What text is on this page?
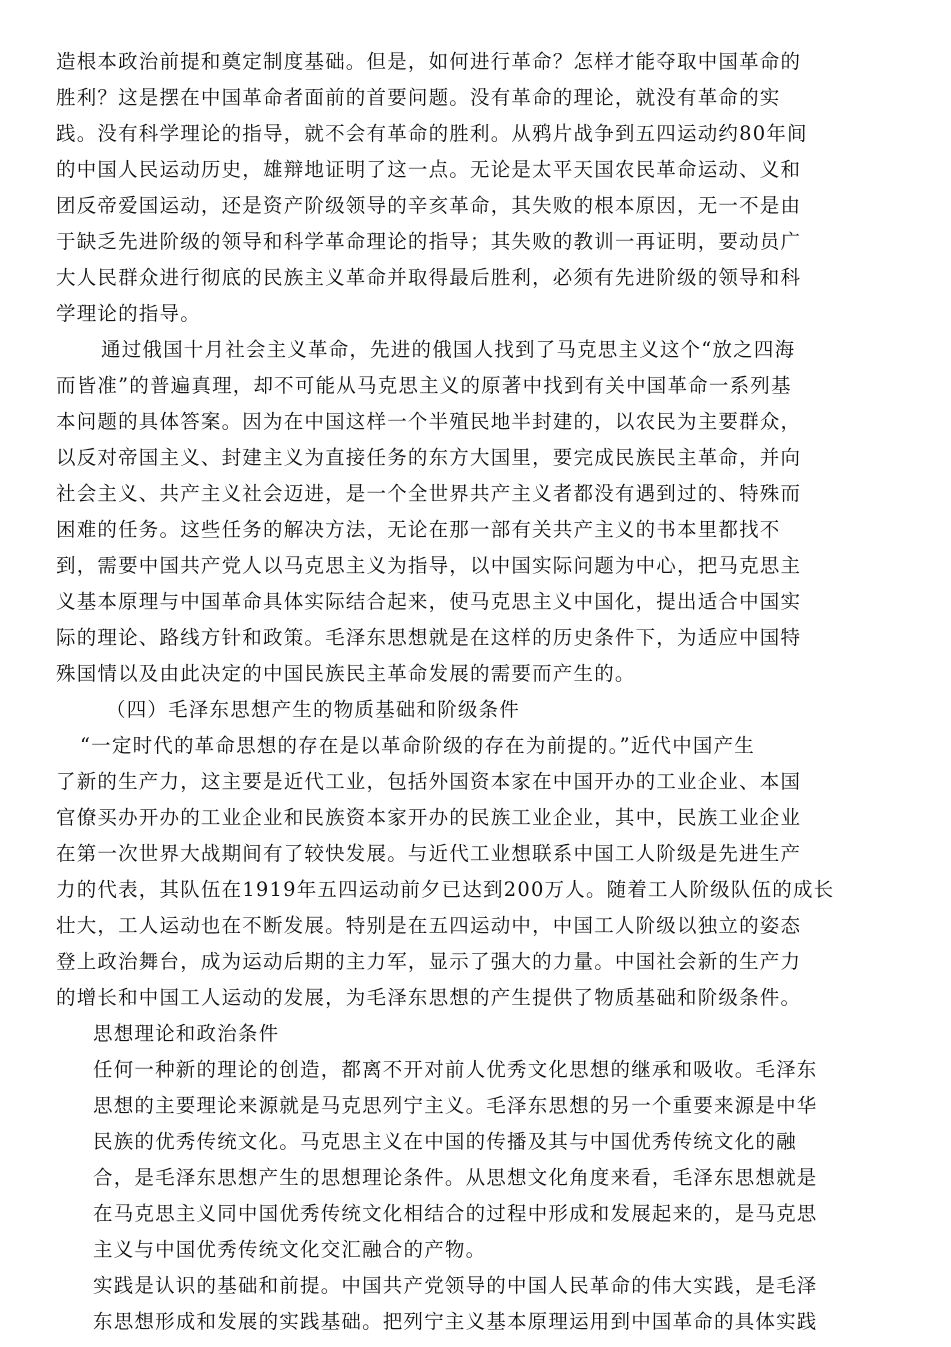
造根本政治前提和奠定制度基础。但是，如何进行革命？怎样才能夺取中国革命的
胜利？这是摆在中国革命者面前的首要问题。没有革命的理论，就没有革命的实
践。没有科学理论的指导，就不会有革命的胜利。从鸦片战争到五四运动约80年间
的中国人民运动历史，雄辩地证明了这一点。无论是太平天国农民革命运动、义和
团反帝爱国运动，还是资产阶级领导的辛亥革命，其失败的根本原因，无一不是由
于缺乏先进阶级的领导和科学革命理论的指导；其失败的教训一再证明，要动员广
大人民群众进行彻底的民族主义革命并取得最后胜利，必须有先进阶级的领导和科
学理论的指导。
通过俄国十月社会主义革命，先进的俄国人找到了马克思主义这个“放之四海
而皆准”的普遍真理，却不可能从马克思主义的原著中找到有关中国革命一系列基
本问题的具体答案。因为在中国这样一个半殖民地半封建的，以农民为主要群众，
以反对帝国主义、封建主义为直接任务的东方大国里，要完成民族民主革命，并向
社会主义、共产主义社会迈进，是一个全世界共产主义者都没有遇到过的、特殊而
困难的任务。这些任务的解决方法，无论在那一部有关共产主义的书本里都找不
到，需要中国共产党人以马克思主义为指导，以中国实际问题为中心，把马克思主
义基本原理与中国革命具体实际结合起来，使马克思主义中国化，提出适合中国实
际的理论、路线方针和政策。毛泽东思想就是在这样的历史条件下，为适应中国特
殊国情以及由此决定的中国民族民主革命发展的需要而产生的。
（四）毛泽东思想产生的物质基础和阶级条件
“一定时代的革命思想的存在是以革命阶级的存在为前提的。”近代中国产生
了新的生产力，这主要是近代工业，包括外国资本家在中国开办的工业企业、本国
官僚买办开办的工业企业和民族资本家开办的民族工业企业，其中，民族工业企业
在第一次世界大战期间有了较快发展。与近代工业想联系中国工人阶级是先进生产
力的代表，其队伍在1919年五四运动前夕已达到200万人。随着工人阶级队伍的成长
壮大，工人运动也在不断发展。特别是在五四运动中，中国工人阶级以独立的姿态
登上政治舞台，成为运动后期的主力军，显示了强大的力量。中国社会新的生产力
的增长和中国工人运动的发展，为毛泽东思想的产生提供了物质基础和阶级条件。
思想理论和政治条件
任何一种新的理论的创造，都离不开对前人优秀文化思想的继承和吸收。毛泽东
思想的主要理论来源就是马克思列宁主义。毛泽东思想的另一个重要来源是中华
民族的优秀传统文化。马克思主义在中国的传播及其与中国优秀传统文化的融
合，是毛泽东思想产生的思想理论条件。从思想文化角度来看，毛泽东思想就是
在马克思主义同中国优秀传统文化相结合的过程中形成和发展起来的，是马克思
主义与中国优秀传统文化交汇融合的产物。
实践是认识的基础和前提。中国共产党领导的中国人民革命的伟大实践，是毛泽
东思想形成和发展的实践基础。把列宁主义基本原理运用到中国革命的具体实践
